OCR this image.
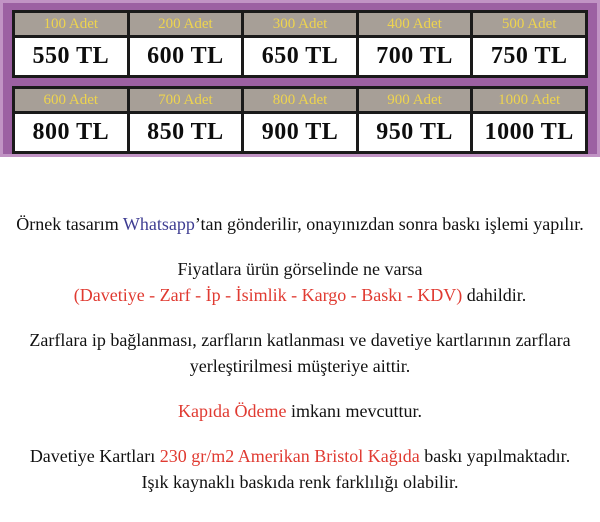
100 Adet	200 Adet	300 Adet	400 Adet	500 Adet
550 TL	600 TL	650 TL	700 TL	750 TL
600 Adet	700 Adet	800 Adet	900 Adet	1000 Adet
800 TL	850 TL	900 TL	950 TL	1000 TL
Örnek tasarım Whatsapp’tan gönderilir, onayınızdan sonra baskı işlemi yapılır.
Fiyatlara ürün görselinde ne varsa
(Davetiye - Zarf - İp - İsimlik - Kargo - Baskı - KDV) dahildir.
Zarflara ip bağlanması, zarfların katlanması ve davetiye kartlarının zarflara
yerleştirilmesi müşteriye aittir.
Kapıda Ödeme imkanı mevcuttur.
Davetiye Kartları 230 gr/m2 Amerikan Bristol Kağıda baskı yapılmaktadır.
Işık kaynaklı baskıda renk farklılığı olabilir.
